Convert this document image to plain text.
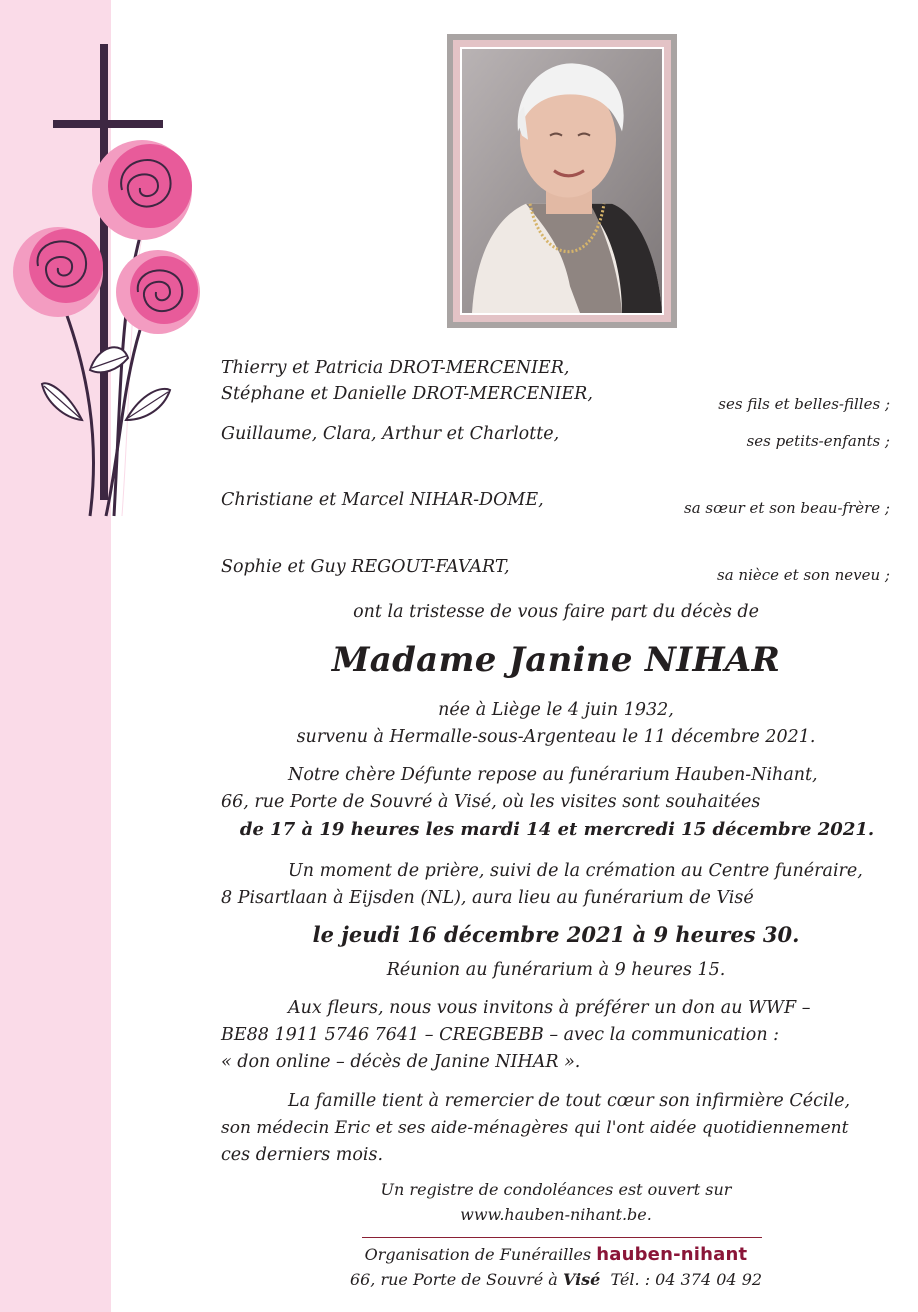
Thierry et Patricia DROT-MERCENIER,
Stéphane et Danielle DROT-MERCENIER,	ses fils et belles-filles ;
Guillaume, Clara, Arthur et Charlotte,	ses petits-enfants ;
Christiane et Marcel NIHAR-DOME,	sa sœur et son beau-frère ;
Sophie et Guy REGOUT-FAVART,	sa nièce et son neveu ;
ont la tristesse de vous faire part du décès de
Madame Janine NIHAR
née à Liège le 4 juin 1932,
survenu à Hermalle-sous-Argenteau le 11 décembre 2021.
Notre chère Défunte repose au funérarium Hauben-Nihant,
66, rue Porte de Souvré à Visé, où les visites sont souhaitées
de 17 à 19 heures les mardi 14 et mercredi 15 décembre 2021.
Un moment de prière, suivi de la crémation au Centre funéraire,
8 Pisartlaan à Eijsden (NL), aura lieu au funérarium de Visé
le jeudi 16 décembre 2021 à 9 heures 30.
Réunion au funérarium à 9 heures 15.
Aux fleurs, nous vous invitons à préférer un don au WWF –
BE88 1911 5746 7641 – CREGBEBB – avec la communication :
« don online – décès de Janine NIHAR ».
La famille tient à remercier de tout cœur son infirmière Cécile,
son médecin Eric et ses aide-ménagères qui l'ont aidée quotidiennement
ces derniers mois.
Un registre de condoléances est ouvert sur
www.hauben-nihant.be.
Organisation de Funérailles hauben-nihant
66, rue Porte de Souvré à Visé Tél. : 04 374 04 92
